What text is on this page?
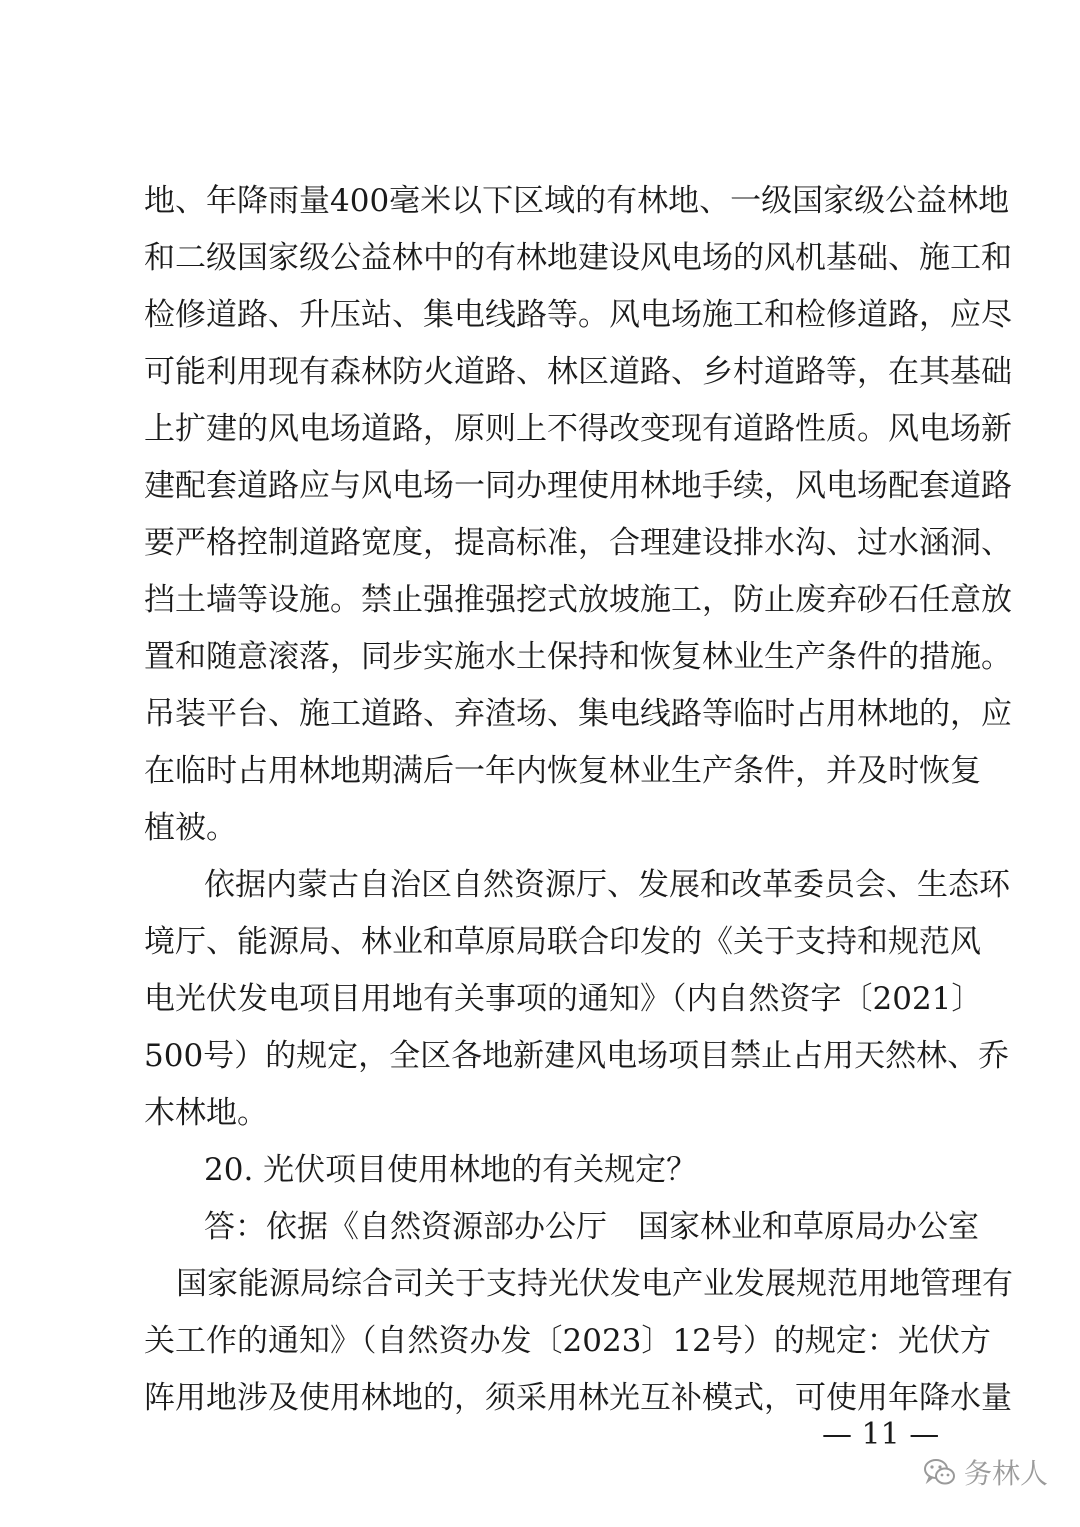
地、年降雨量400毫米以下区域的有林地、一级国家级公益林地
和二级国家级公益林中的有林地建设风电场的风机基础、施工和
检修道路、升压站、集电线路等。风电场施工和检修道路，应尽
可能利用现有森林防火道路、林区道路、乡村道路等，在其基础
上扩建的风电场道路，原则上不得改变现有道路性质。风电场新
建配套道路应与风电场一同办理使用林地手续，风电场配套道路
要严格控制道路宽度，提高标准，合理建设排水沟、过水涵洞、
挡土墙等设施。禁止强推强挖式放坡施工，防止废弃砂石任意放
置和随意滚落，同步实施水土保持和恢复林业生产条件的措施。
吊装平台、施工道路、弃渣场、集电线路等临时占用林地的，应
在临时占用林地期满后一年内恢复林业生产条件，并及时恢复
植被。
依据内蒙古自治区自然资源厅、发展和改革委员会、生态环
境厅、能源局、林业和草原局联合印发的《关于支持和规范风
电光伏发电项目用地有关事项的通知》（内自然资字〔2021〕
500号）的规定，全区各地新建风电场项目禁止占用天然林、乔
木林地。
20. 光伏项目使用林地的有关规定？
答：依据《自然资源部办公厅　国家林业和草原局办公室
国家能源局综合司关于支持光伏发电产业发展规范用地管理有
关工作的通知》（自然资办发〔2023〕12号）的规定：光伏方
阵用地涉及使用林地的，须采用林光互补模式，可使用年降水量
— 11 —
务林人
